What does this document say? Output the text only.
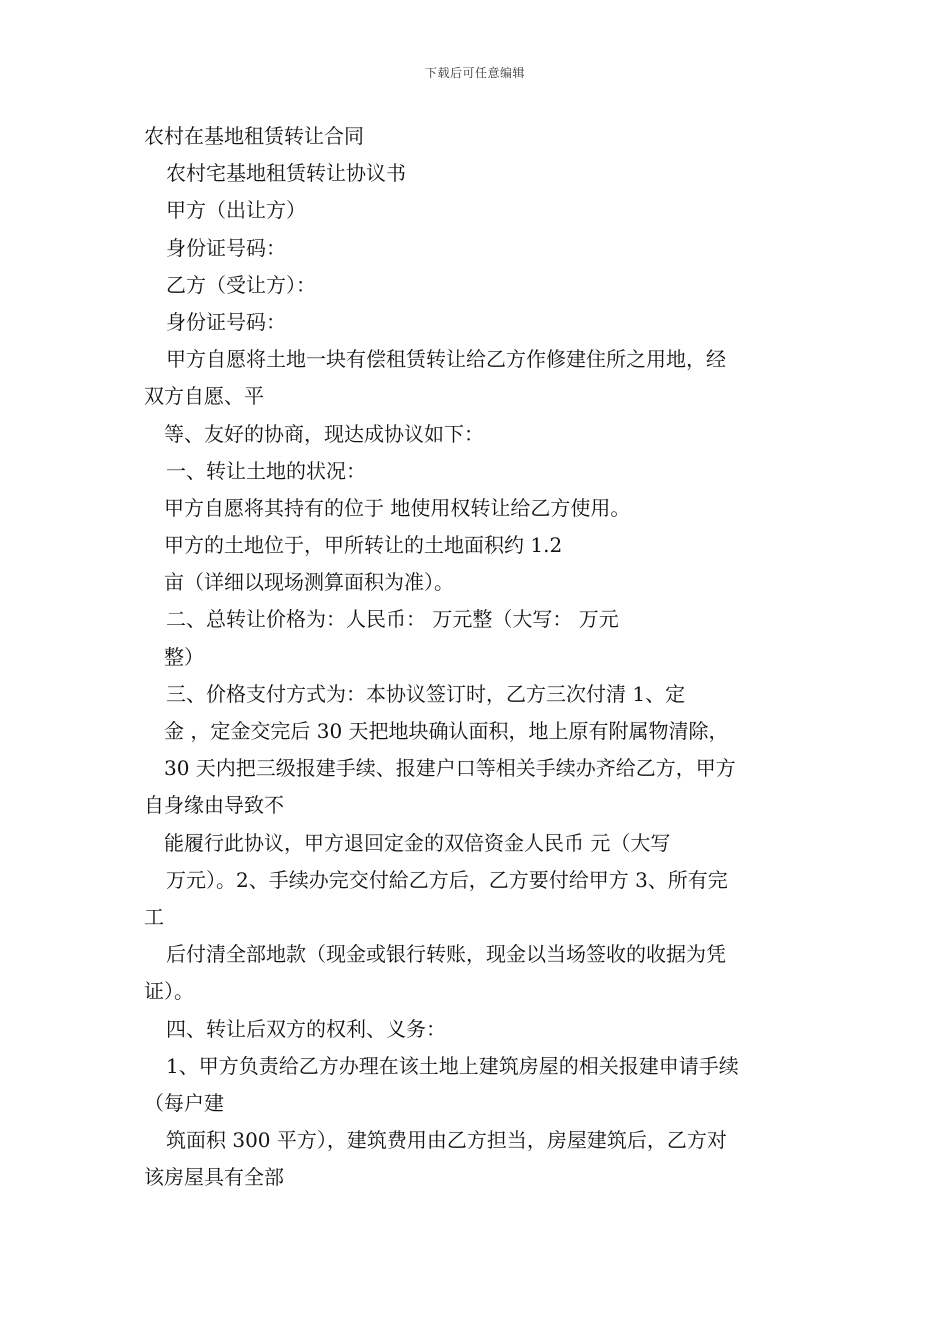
下载后可任意编辑
农村在基地租赁转让合同
农村宅基地租赁转让协议书
甲方（出让方）
身份证号码：
乙方（受让方）：
身份证号码：
甲方自愿将土地一块有偿租赁转让给乙方作修建住所之用地，经
双方自愿、平
等、友好的协商，现达成协议如下：
一、转让土地的状况：
甲方自愿将其持有的位于 地使用权转让给乙方使用。
甲方的土地位于，甲所转让的土地面积约 1.2
亩（详细以现场测算面积为准）。
二、总转让价格为：人民币： 万元整（大写： 万元
整）
三、价格支付方式为：本协议签订时，乙方三次付清 1、定
金 ，定金交完后 30 天把地块确认面积，地上原有附属物清除，
30 天内把三级报建手续、报建户口等相关手续办齐给乙方，甲方
自身缘由导致不
能履行此协议，甲方退回定金的双倍资金人民币 元（大写
万元）。2、手续办完交付給乙方后，乙方要付给甲方 3、所有完
工
后付清全部地款（现金或银行转账，现金以当场签收的收据为凭
证）。
四、转让后双方的权利、义务：
1、甲方负责给乙方办理在该土地上建筑房屋的相关报建申请手续
（每户建
筑面积 300 平方），建筑费用由乙方担当，房屋建筑后，乙方对
该房屋具有全部
